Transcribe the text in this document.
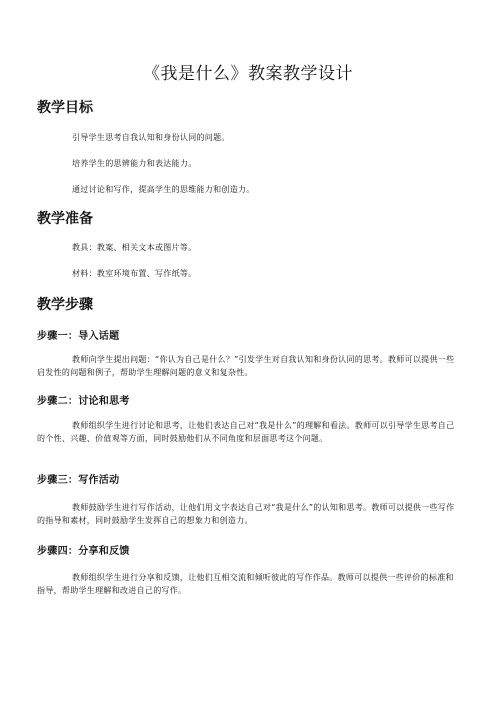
《我是什么》教案教学设计
教学目标
引导学生思考自我认知和身份认同的问题。
培养学生的思辨能力和表达能力。
通过讨论和写作，提高学生的思维能力和创造力。
教学准备
教具：教案、相关文本或图片等。
材料：教室环境布置、写作纸等。
教学步骤
步骤一：导入话题
教师向学生提出问题：“你认为自己是什么？”引发学生对自我认知和身份认同的思考。教师可以提供一些启发性的问题和例子，帮助学生理解问题的意义和复杂性。
步骤二：讨论和思考
教师组织学生进行讨论和思考，让他们表达自己对“我是什么”的理解和看法。教师可以引导学生思考自己的个性、兴趣、价值观等方面，同时鼓励他们从不同角度和层面思考这个问题。
步骤三：写作活动
教师鼓励学生进行写作活动，让他们用文字表达自己对“我是什么”的认知和思考。教师可以提供一些写作的指导和素材，同时鼓励学生发挥自己的想象力和创造力。
步骤四：分享和反馈
教师组织学生进行分享和反馈，让他们互相交流和倾听彼此的写作作品。教师可以提供一些评价的标准和指导，帮助学生理解和改进自己的写作。
